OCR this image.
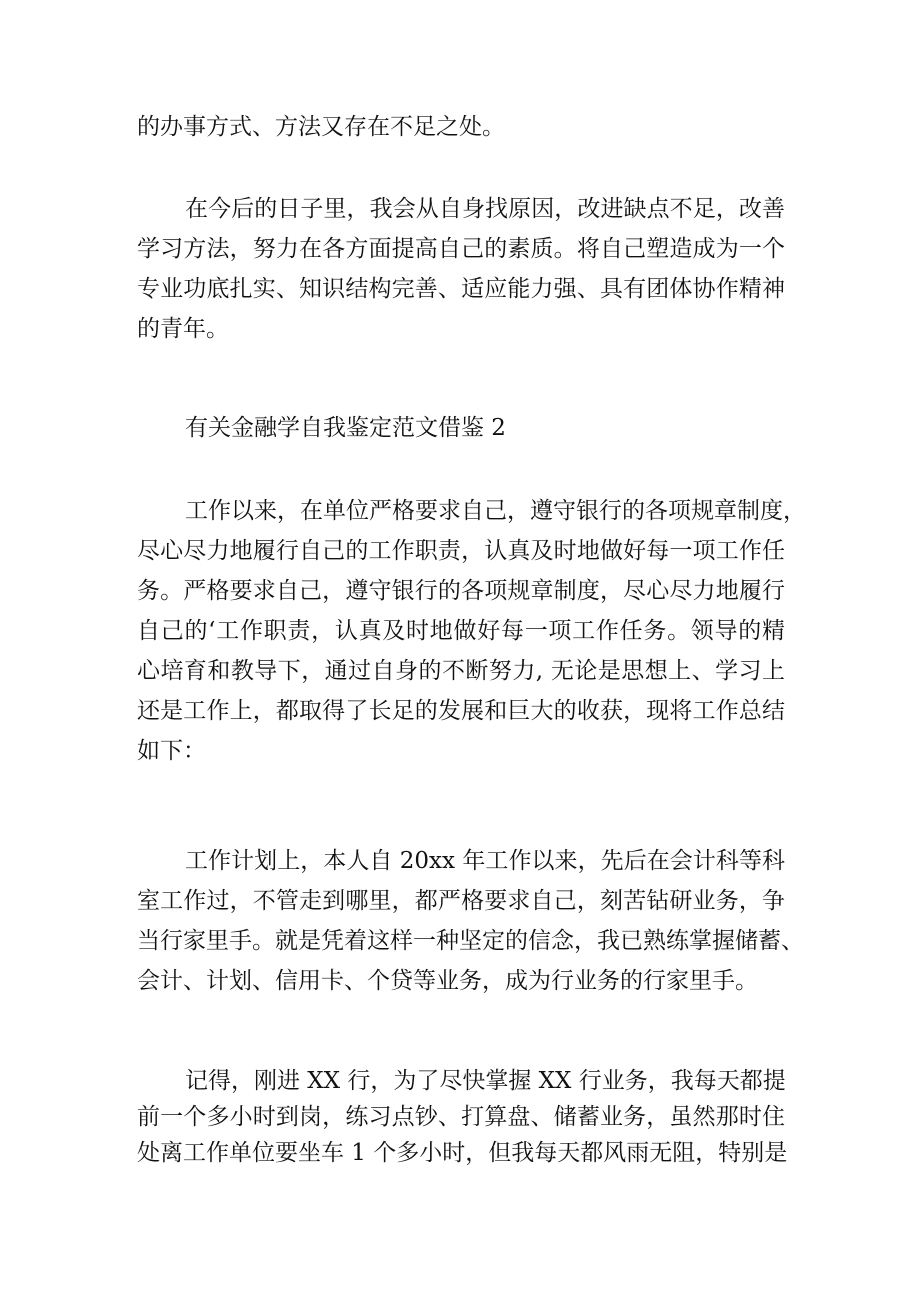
的办事方式、方法又存在不足之处。
在今后的日子里，我会从自身找原因，改进缺点不足，改善
学习方法，努力在各方面提高自己的素质。将自己塑造成为一个
专业功底扎实、知识结构完善、适应能力强、具有团体协作精神
的青年。
有关金融学自我鉴定范文借鉴 2
工作以来，在单位严格要求自己，遵守银行的各项规章制度，
尽心尽力地履行自己的工作职责，认真及时地做好每一项工作任
务。严格要求自己，遵守银行的各项规章制度，尽心尽力地履行
自己的‘工作职责，认真及时地做好每一项工作任务。领导的精
心培育和教导下，通过自身的不断努力, 无论是思想上、学习上
还是工作上，都取得了长足的发展和巨大的收获，现将工作总结
如下：
工作计划上，本人自 20xx 年工作以来，先后在会计科等科
室工作过，不管走到哪里，都严格要求自己，刻苦钻研业务，争
当行家里手。就是凭着这样一种坚定的信念，我已熟练掌握储蓄、
会计、计划、信用卡、个贷等业务，成为行业务的行家里手。
记得，刚进 XX 行，为了尽快掌握 XX 行业务，我每天都提
前一个多小时到岗，练习点钞、打算盘、储蓄业务，虽然那时住
处离工作单位要坐车 1 个多小时，但我每天都风雨无阻，特别是
